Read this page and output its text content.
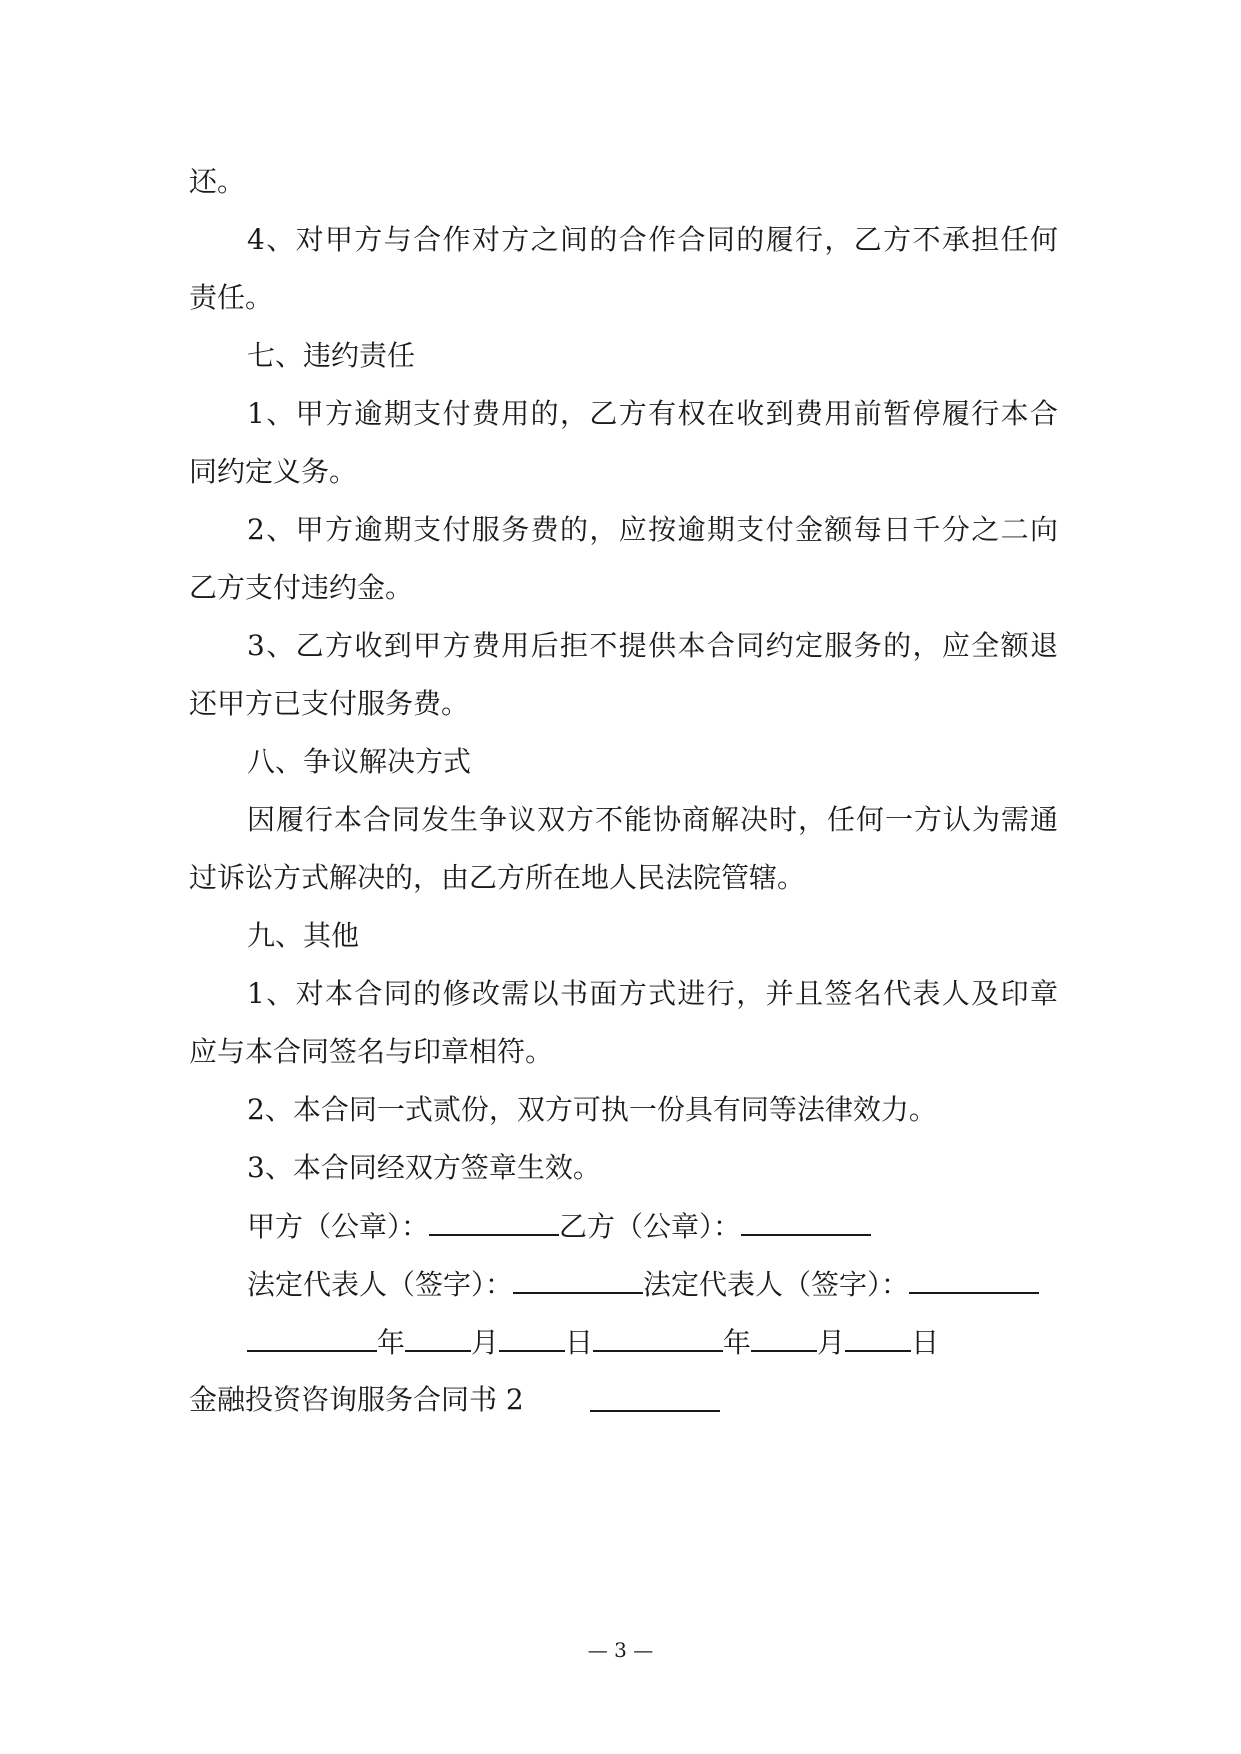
还。
4、对甲方与合作对方之间的合作合同的履行，乙方不承担任何
责任。
七、违约责任
1、甲方逾期支付费用的，乙方有权在收到费用前暂停履行本合
同约定义务。
2、甲方逾期支付服务费的，应按逾期支付金额每日千分之二向
乙方支付违约金。
3、乙方收到甲方费用后拒不提供本合同约定服务的，应全额退
还甲方已支付服务费。
八、争议解决方式
因履行本合同发生争议双方不能协商解决时，任何一方认为需通
过诉讼方式解决的，由乙方所在地人民法院管辖。
九、其他
1、对本合同的修改需以书面方式进行，并且签名代表人及印章
应与本合同签名与印章相符。
2、本合同一式贰份，双方可执一份具有同等法律效力。
3、本合同经双方签章生效。
甲方（公章）：	乙方（公章）：
法定代表人（签字）：	法定代表人（签字）：
年 月 日	年 月 日
金融投资咨询服务合同书 2
— 3 —
